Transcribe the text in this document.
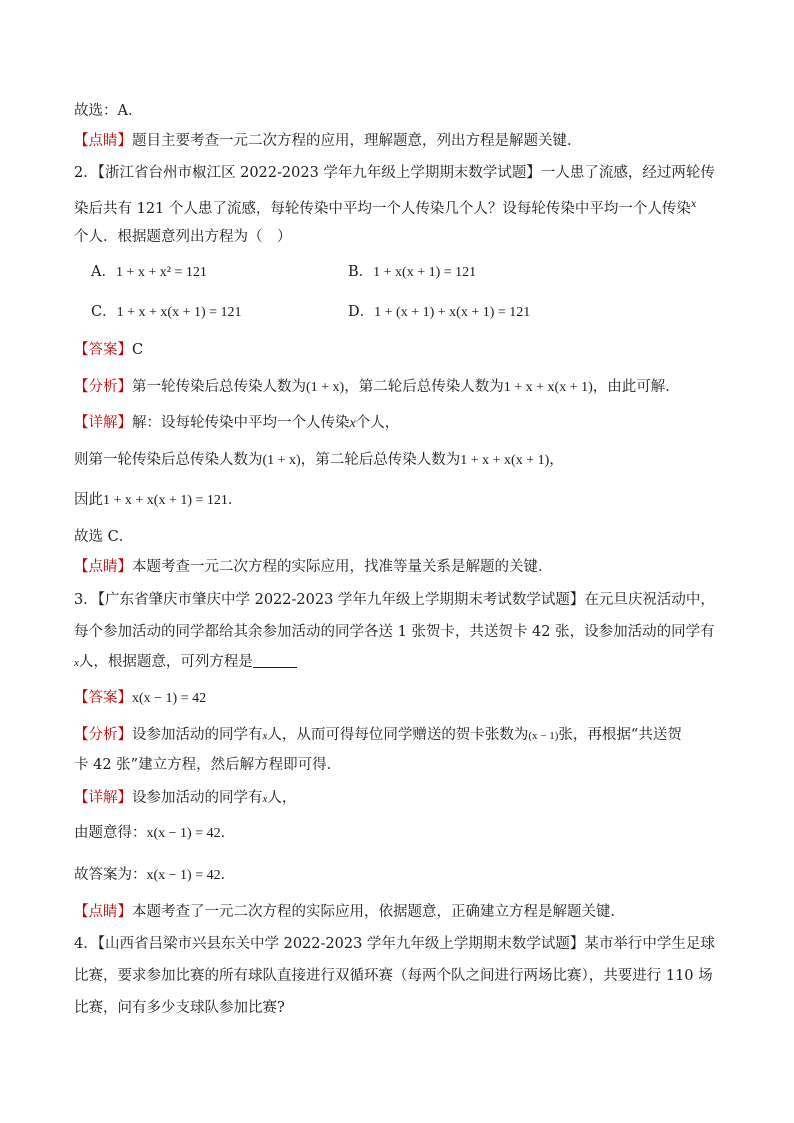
故选：A．
【点睛】题目主要考查一元二次方程的应用，理解题意，列出方程是解题关键．
2．【浙江省台州市椒江区 2022-2023 学年九年级上学期期末数学试题】一人患了流感，经过两轮传
染后共有 121 个人患了流感，每轮传染中平均一个人传染几个人？设每轮传染中平均一个人传染$^x$
个人．根据题意列出方程为（　）
A．1 + x + x² = 121	B．1 + x(x + 1) = 121
C．1 + x + x(x + 1) = 121	D．1 + (x + 1) + x(x + 1) = 121
【答案】C
【分析】第一轮传染后总传染人数为(1 + x)，第二轮后总传染人数为1 + x + x(x + 1)，由此可解．
【详解】解：设每轮传染中平均一个人传染x个人，
则第一轮传染后总传染人数为(1 + x)，第二轮后总传染人数为1 + x + x(x + 1)，
因此1 + x + x(x + 1) = 121．
故选 C．
【点睛】本题考查一元二次方程的实际应用，找准等量关系是解题的关键．
3．【广东省肇庆市肇庆中学 2022-2023 学年九年级上学期期末考试数学试题】在元旦庆祝活动中，
每个参加活动的同学都给其余参加活动的同学各送 1 张贺卡，共送贺卡 42 张，设参加活动的同学有
x人，根据题意，可列方程是
【答案】x(x − 1) = 42
【分析】设参加活动的同学有x人，从而可得每位同学赠送的贺卡张数为(x − 1)张，再根据“共送贺
卡 42 张”建立方程，然后解方程即可得．
【详解】设参加活动的同学有x人，
由题意得：x(x − 1) = 42．
故答案为：x(x − 1) = 42．
【点睛】本题考查了一元二次方程的实际应用，依据题意，正确建立方程是解题关键．
4．【山西省吕梁市兴县东关中学 2022-2023 学年九年级上学期期末数学试题】某市举行中学生足球
比赛，要求参加比赛的所有球队直接进行双循环赛（每两个队之间进行两场比赛），共要进行 110 场
比赛，问有多少支球队参加比赛?
